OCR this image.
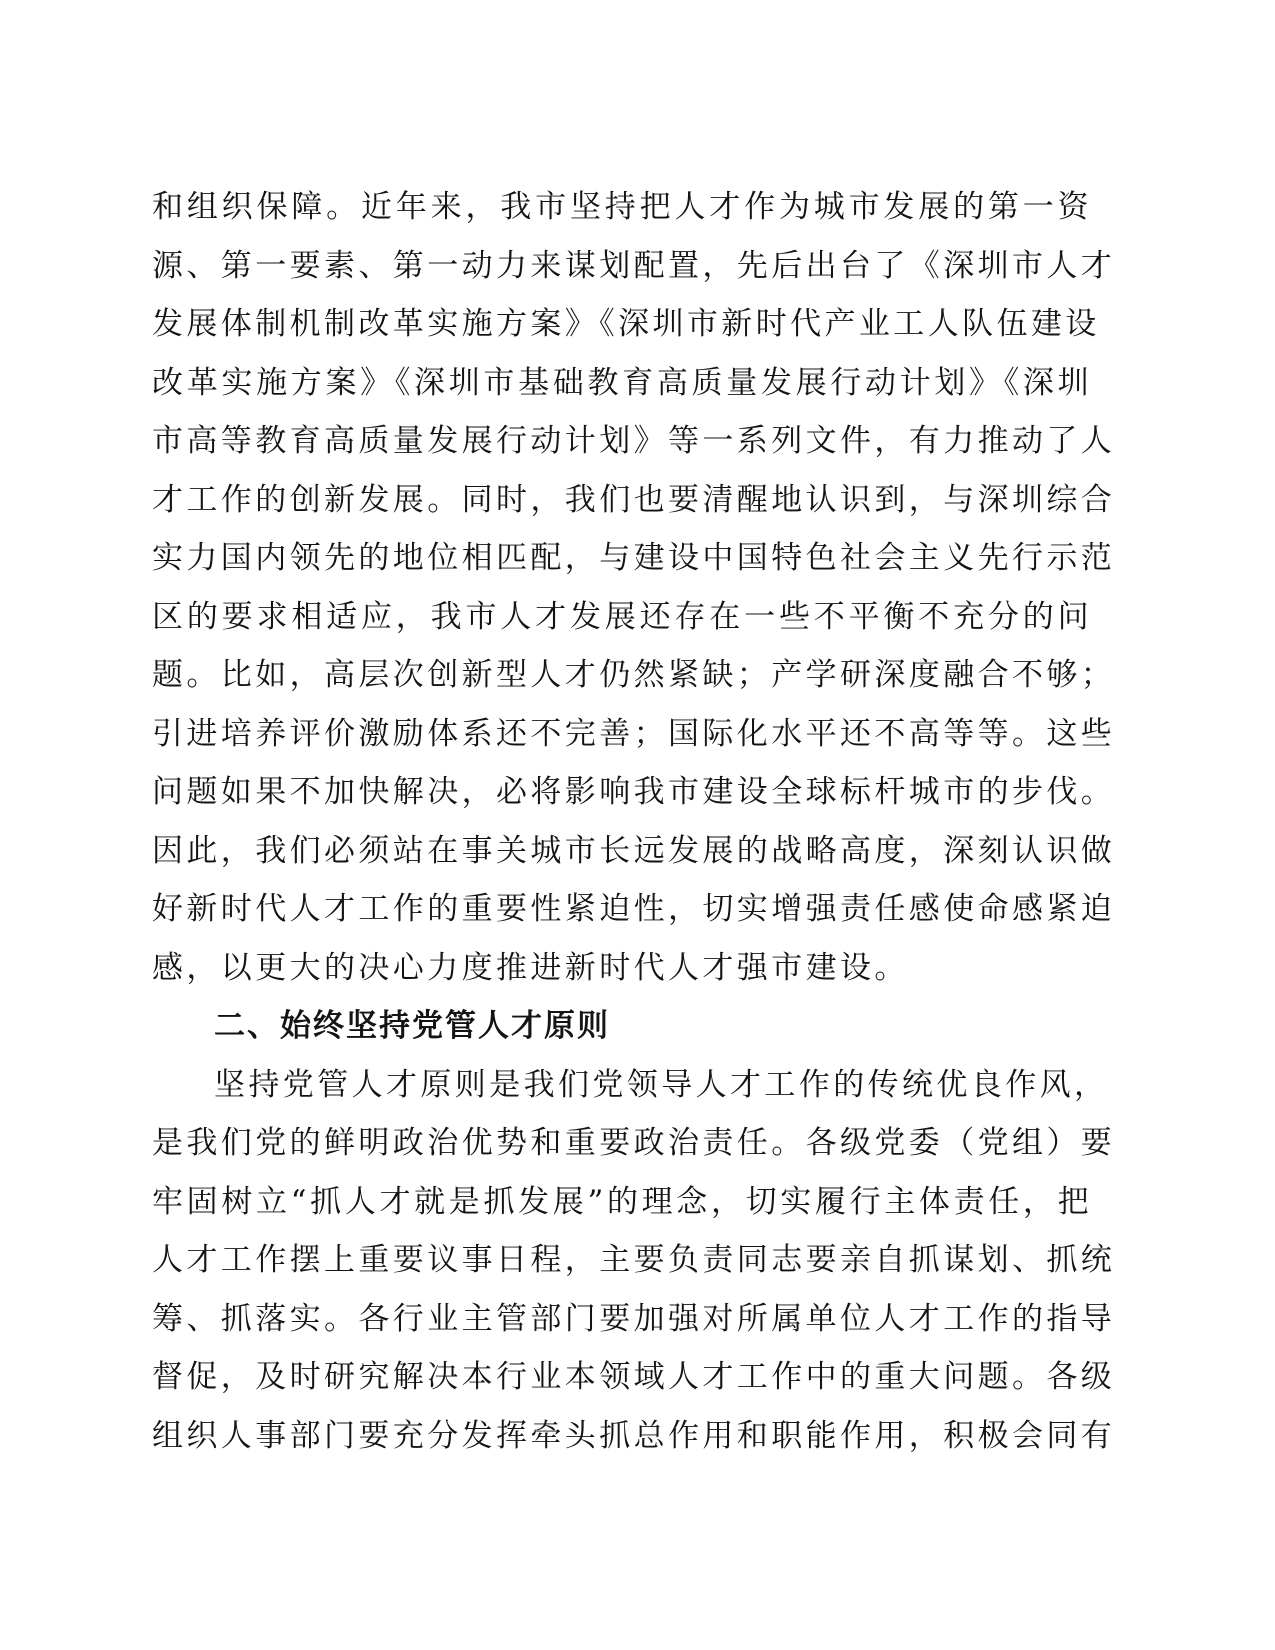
和组织保障。近年来，我市坚持把人才作为城市发展的第一资
源、第一要素、第一动力来谋划配置，先后出台了《深圳市人才
发展体制机制改革实施方案》《深圳市新时代产业工人队伍建设
改革实施方案》《深圳市基础教育高质量发展行动计划》《深圳
市高等教育高质量发展行动计划》等一系列文件，有力推动了人
才工作的创新发展。同时，我们也要清醒地认识到，与深圳综合
实力国内领先的地位相匹配，与建设中国特色社会主义先行示范
区的要求相适应，我市人才发展还存在一些不平衡不充分的问
题。比如，高层次创新型人才仍然紧缺；产学研深度融合不够；
引进培养评价激励体系还不完善；国际化水平还不高等等。这些
问题如果不加快解决，必将影响我市建设全球标杆城市的步伐。
因此，我们必须站在事关城市长远发展的战略高度，深刻认识做
好新时代人才工作的重要性紧迫性，切实增强责任感使命感紧迫
感，以更大的决心力度推进新时代人才强市建设。
二、始终坚持党管人才原则
坚持党管人才原则是我们党领导人才工作的传统优良作风，
是我们党的鲜明政治优势和重要政治责任。各级党委（党组）要
牢固树立“抓人才就是抓发展”的理念，切实履行主体责任，把
人才工作摆上重要议事日程，主要负责同志要亲自抓谋划、抓统
筹、抓落实。各行业主管部门要加强对所属单位人才工作的指导
督促，及时研究解决本行业本领域人才工作中的重大问题。各级
组织人事部门要充分发挥牵头抓总作用和职能作用，积极会同有
